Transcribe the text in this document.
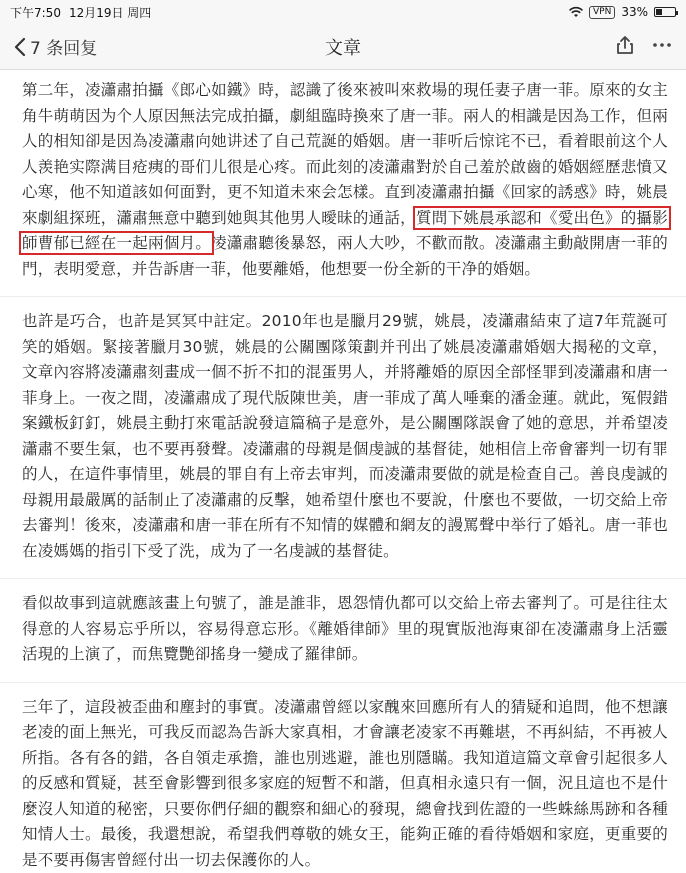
下午7:50 12月19日 周四	VPN 33%
7 条回复	文章

第二年，凌瀟肅拍攝《郎心如鐵》時，認識了後來被叫來救場的現任妻子唐一菲。原來的女主角牛萌萌因为个人原因無法完成拍攝，劇組臨時換來了唐一菲。兩人的相識是因為工作，但兩人的相知卻是因為凌瀟肅向她讲述了自己荒誕的婚姻。唐一菲听后惊诧不已，看着眼前这个人人羡艳实際满目疮痍的哥们儿很是心疼。而此刻的凌瀟肅對於自己羞於啟齒的婚姻經歷悲憤又心寒，他不知道該如何面對，更不知道未來会怎樣。直到凌瀟肅拍攝《回家的誘惑》時，姚晨來劇組探班，瀟肅無意中聽到她與其他男人曖昧的通話，質問下姚晨承認和《愛出色》的攝影師曹郁已經在一起兩個月。凌瀟肅聽後暴怒，兩人大吵，不歡而散。凌瀟肅主動敲開唐一菲的門，表明愛意，并告訴唐一菲，他要離婚，他想要一份全新的干净的婚姻。

也許是巧合，也許是冥冥中註定。2010年也是臘月29號，姚晨，凌瀟肅結束了這7年荒誕可笑的婚姻。緊接著臘月30號，姚晨的公關團隊策劃并刊出了姚晨凌瀟肅婚姻大揭秘的文章，文章內容將凌瀟肅刻畫成一個不折不扣的混蛋男人，并將離婚的原因全部怪罪到凌瀟肅和唐一菲身上。一夜之間，凌瀟肅成了現代版陳世美，唐一菲成了萬人唾棄的潘金蓮。就此，冤假錯案鐵板釘釘，姚晨主動打來電話說發這篇稿子是意外，是公關團隊誤會了她的意思，并希望凌瀟肅不要生氣，也不要再發聲。凌瀟肅的母親是個虔誠的基督徒，她相信上帝會審判一切有罪的人，在這件事情里，姚晨的罪自有上帝去审判，而凌瀟肃要做的就是检查自己。善良虔誠的母親用最嚴厲的話制止了凌瀟肅的反擊，她希望什麼也不要說，什麼也不要做，一切交給上帝去審判！後來，凌瀟肅和唐一菲在所有不知情的媒體和網友的謾罵聲中举行了婚礼。唐一菲也在凌媽媽的指引下受了洗，成为了一名虔誠的基督徒。

看似故事到這就應該畫上句號了，誰是誰非，恩怨情仇都可以交給上帝去審判了。可是往往太得意的人容易忘乎所以，容易得意忘形。《離婚律師》里的現實版池海東卻在凌瀟肅身上活靈活現的上演了，而焦覽艷卻搖身一變成了羅律師。

三年了，這段被歪曲和塵封的事實。凌瀟肅曾經以家醜來回應所有人的猜疑和追問，他不想讓老凌的面上無光，可我反而認為告訴大家真相，才會讓老凌家不再難堪，不再糾結，不再被人所指。各有各的錯，各自領走承擔，誰也別逃避，誰也別隱瞞。我知道這篇文章會引起很多人的反感和質疑，甚至會影響到很多家庭的短暫不和諧，但真相永遠只有一個，況且這也不是什麼沒人知道的秘密，只要你們仔細的觀察和細心的發現，總會找到佐證的一些蛛絲馬跡和各種知情人士。最後，我還想說，希望我們尊敬的姚女王，能夠正確的看待婚姻和家庭，更重要的是不要再傷害曾經付出一切去保護你的人。
